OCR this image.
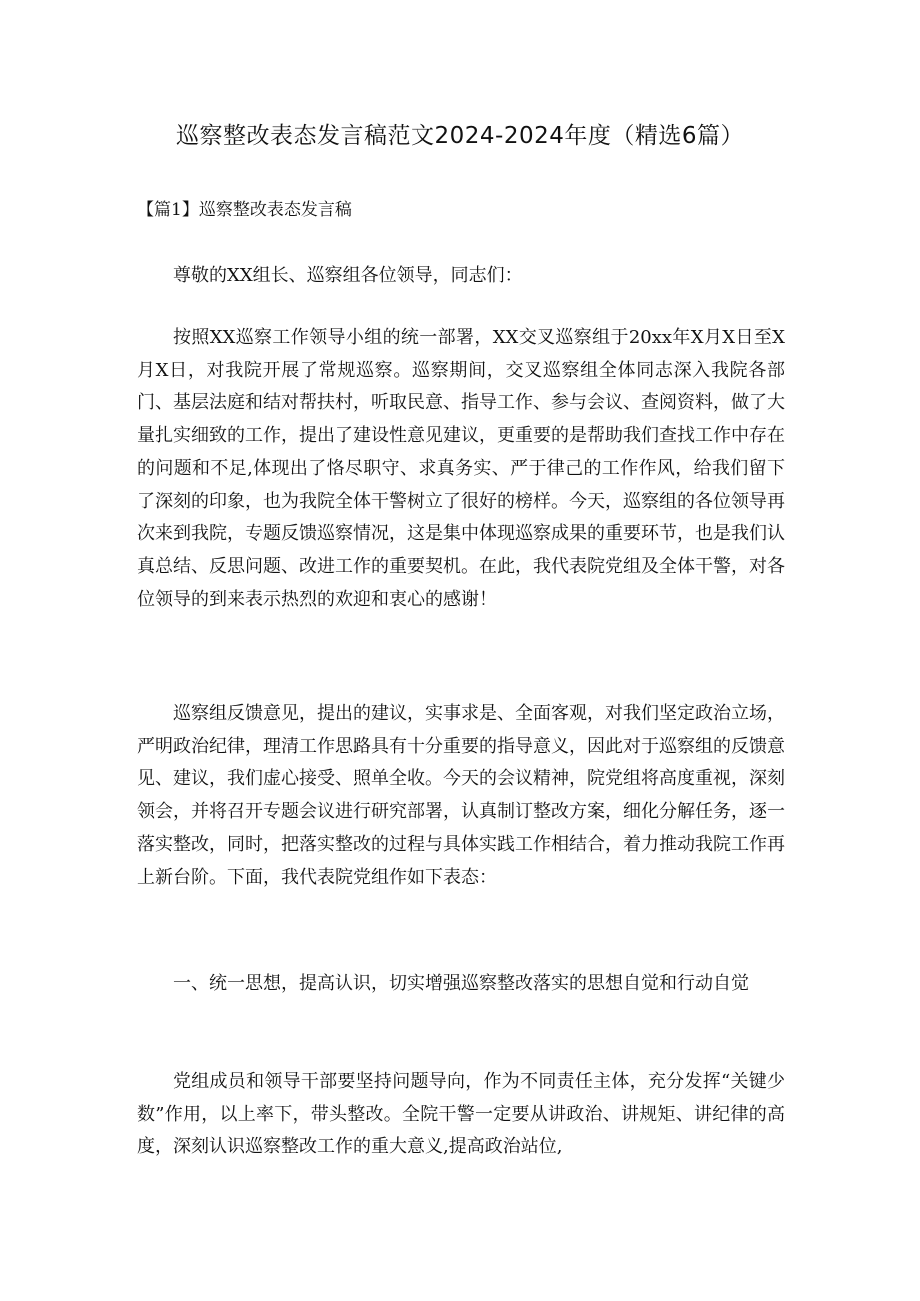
巡察整改表态发言稿范文2024-2024年度（精选6篇）
【篇1】巡察整改表态发言稿

尊敬的XX组长、巡察组各位领导，同志们：

按照XX巡察工作领导小组的统一部署，XX交叉巡察组于20xx年X月X日至X月X日，对我院开展了常规巡察。巡察期间，交叉巡察组全体同志深入我院各部门、基层法庭和结对帮扶村，听取民意、指导工作、参与会议、查阅资料，做了大量扎实细致的工作，提出了建设性意见建议，更重要的是帮助我们查找工作中存在的问题和不足,体现出了恪尽职守、求真务实、严于律己的工作作风，给我们留下了深刻的印象，也为我院全体干警树立了很好的榜样。今天，巡察组的各位领导再次来到我院，专题反馈巡察情况，这是集中体现巡察成果的重要环节，也是我们认真总结、反思问题、改进工作的重要契机。在此，我代表院党组及全体干警，对各位领导的到来表示热烈的欢迎和衷心的感谢！

巡察组反馈意见，提出的建议，实事求是、全面客观，对我们坚定政治立场，严明政治纪律，理清工作思路具有十分重要的指导意义，因此对于巡察组的反馈意见、建议，我们虚心接受、照单全收。今天的会议精神，院党组将高度重视，深刻领会，并将召开专题会议进行研究部署，认真制订整改方案，细化分解任务，逐一落实整改，同时，把落实整改的过程与具体实践工作相结合，着力推动我院工作再上新台阶。下面，我代表院党组作如下表态：

一、统一思想，提高认识，切实增强巡察整改落实的思想自觉和行动自觉

党组成员和领导干部要坚持问题导向，作为不同责任主体，充分发挥“关键少数”作用，以上率下，带头整改。全院干警一定要从讲政治、讲规矩、讲纪律的高度，深刻认识巡察整改工作的重大意义,提高政治站位,
